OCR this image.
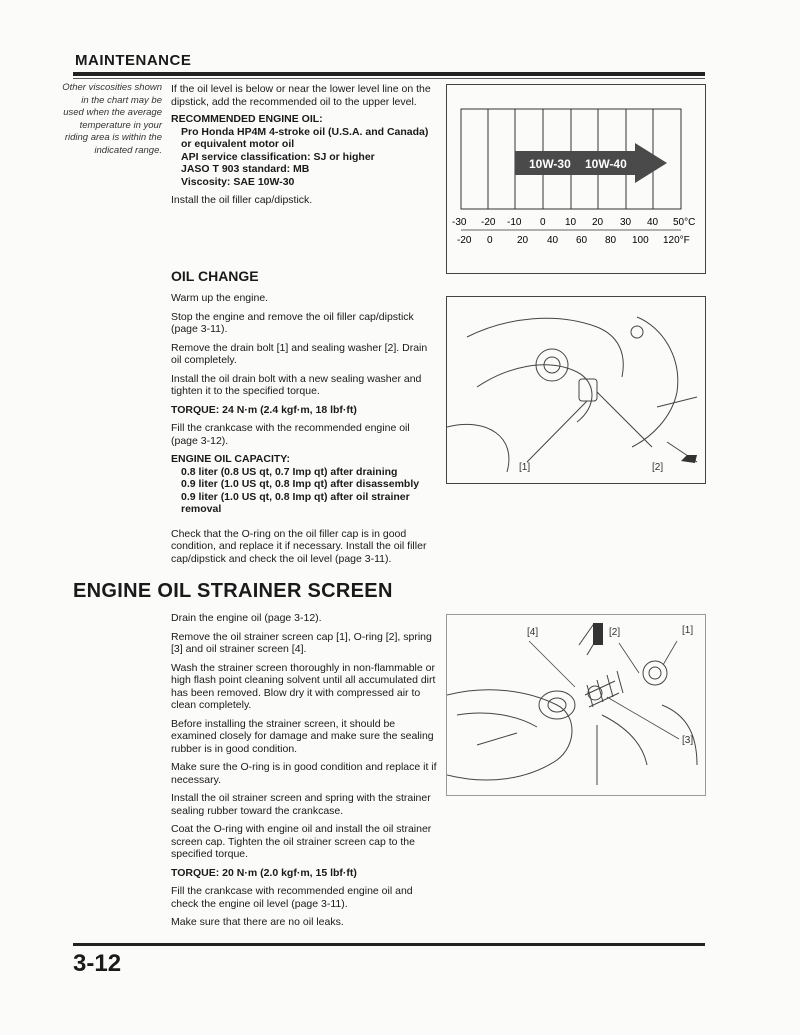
MAINTENANCE
Other viscosities shown in the chart may be used when the average temperature in your riding area is within the indicated range.

If the oil level is below or near the lower level line on the dipstick, add the recommended oil to the upper level.

RECOMMENDED ENGINE OIL:

Pro Honda HP4M 4-stroke oil (U.S.A. and Canada)

or equivalent motor oil

API service classification: SJ or higher

JASO T 903 standard: MB

Viscosity: SAE 10W-30

Install the oil filler cap/dipstick.

10W-30 10W-40
-30 -20 -10 0 10 20 30 40 50°C
-20 0 20 40 60 80 100 120°F
OIL CHANGE

Warm up the engine.

Stop the engine and remove the oil filler cap/dipstick (page 3-11).

Remove the drain bolt [1] and sealing washer [2]. Drain oil completely.

Install the oil drain bolt with a new sealing washer and tighten it to the specified torque.

TORQUE: 24 N·m (2.4 kgf·m, 18 lbf·ft)

Fill the crankcase with the recommended engine oil (page 3-12).

ENGINE OIL CAPACITY:

0.8 liter (0.8 US qt, 0.7 Imp qt) after draining

0.9 liter (1.0 US qt, 0.8 Imp qt) after disassembly

0.9 liter (1.0 US qt, 0.8 Imp qt) after oil strainer removal

Check that the O-ring on the oil filler cap is in good condition, and replace it if necessary. Install the oil filler cap/dipstick and check the oil level (page 3-11).

[1]	[2]
ENGINE OIL STRAINER SCREEN

Drain the engine oil (page 3-12).

Remove the oil strainer screen cap [1], O-ring [2], spring [3] and oil strainer screen [4].

Wash the strainer screen thoroughly in non-flammable or high flash point cleaning solvent until all accumulated dirt has been removed. Blow dry it with compressed air to clean completely.

Before installing the strainer screen, it should be examined closely for damage and make sure the sealing rubber is in good condition.

Make sure the O-ring is in good condition and replace it if necessary.

Install the oil strainer screen and spring with the strainer sealing rubber toward the crankcase.

Coat the O-ring with engine oil and install the oil strainer screen cap. Tighten the oil strainer screen cap to the specified torque.

TORQUE: 20 N·m (2.0 kgf·m, 15 lbf·ft)

Fill the crankcase with recommended engine oil and check the engine oil level (page 3-11).

Make sure that there are no oil leaks.

[4]	[2]	[1]
[3]
3-12
